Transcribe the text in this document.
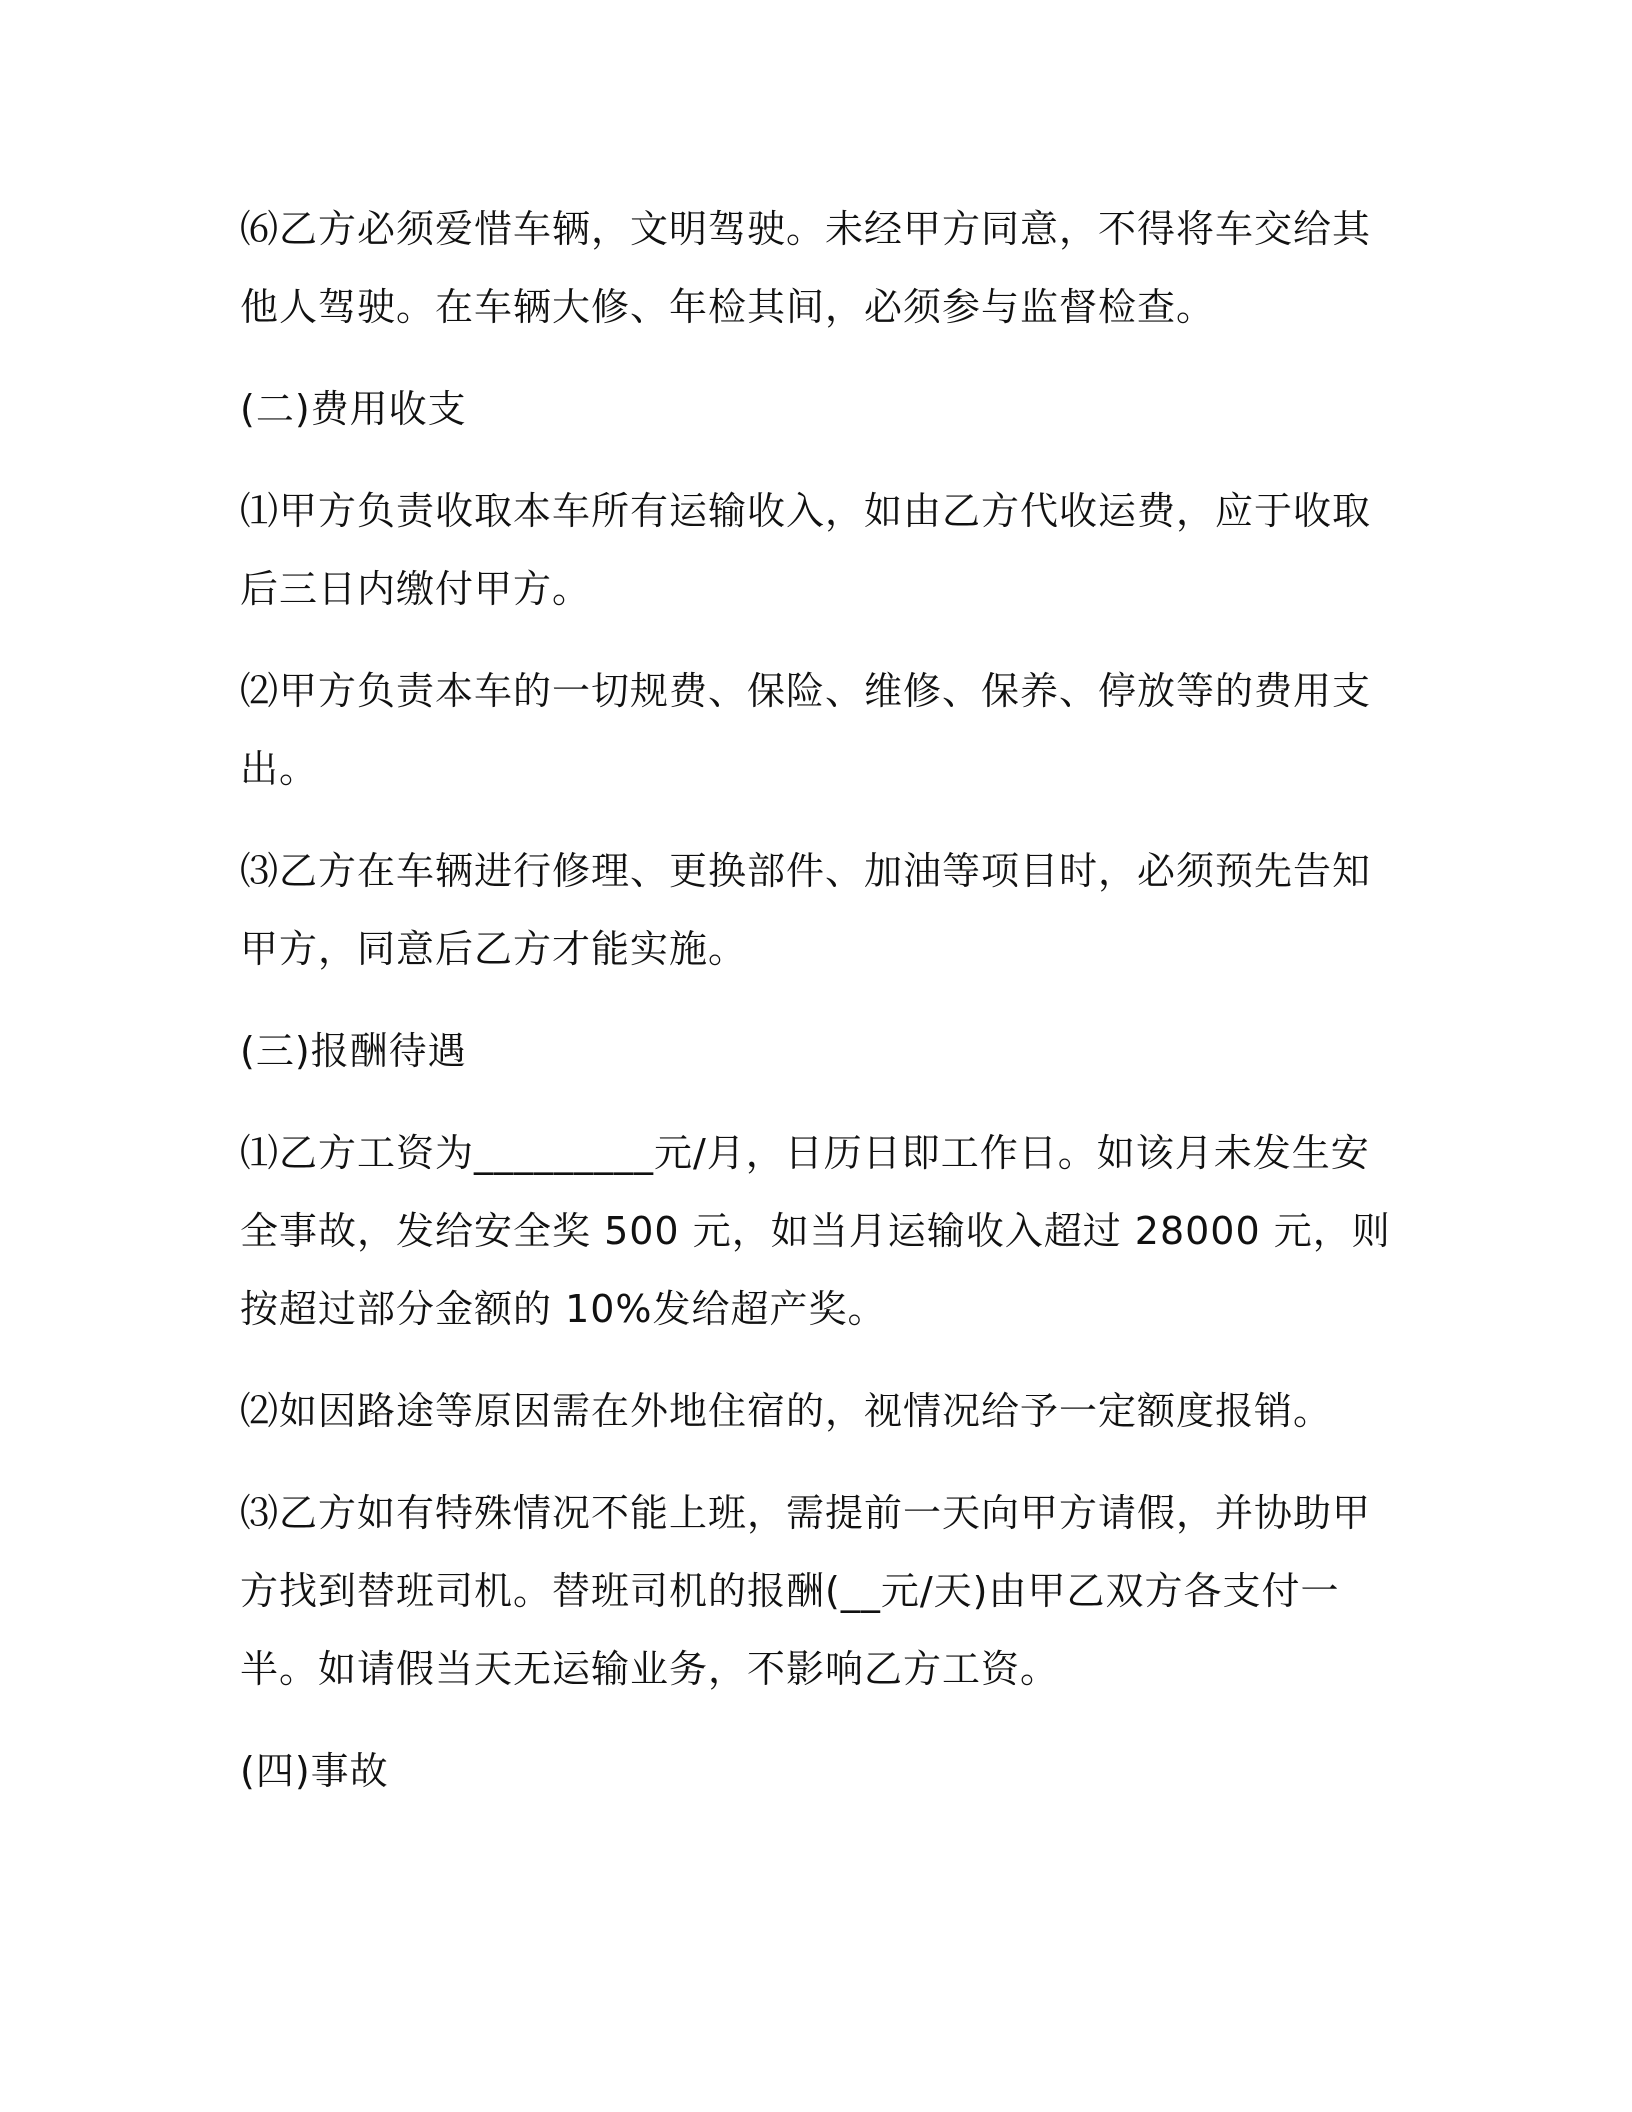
⑹乙方必须爱惜车辆，文明驾驶。未经甲方同意，不得将车交给其他人驾驶。在车辆大修、年检其间，必须参与监督检查。

(二)费用收支

⑴甲方负责收取本车所有运输收入，如由乙方代收运费，应于收取后三日内缴付甲方。

⑵甲方负责本车的一切规费、保险、维修、保养、停放等的费用支出。

⑶乙方在车辆进行修理、更换部件、加油等项目时，必须预先告知甲方，同意后乙方才能实施。

(三)报酬待遇

⑴乙方工资为_________元/月，日历日即工作日。如该月未发生安全事故，发给安全奖 500 元，如当月运输收入超过 28000 元，则按超过部分金额的 10%发给超产奖。

⑵如因路途等原因需在外地住宿的，视情况给予一定额度报销。

⑶乙方如有特殊情况不能上班，需提前一天向甲方请假，并协助甲方找到替班司机。替班司机的报酬(__元/天)由甲乙双方各支付一半。如请假当天无运输业务，不影响乙方工资。

(四)事故
